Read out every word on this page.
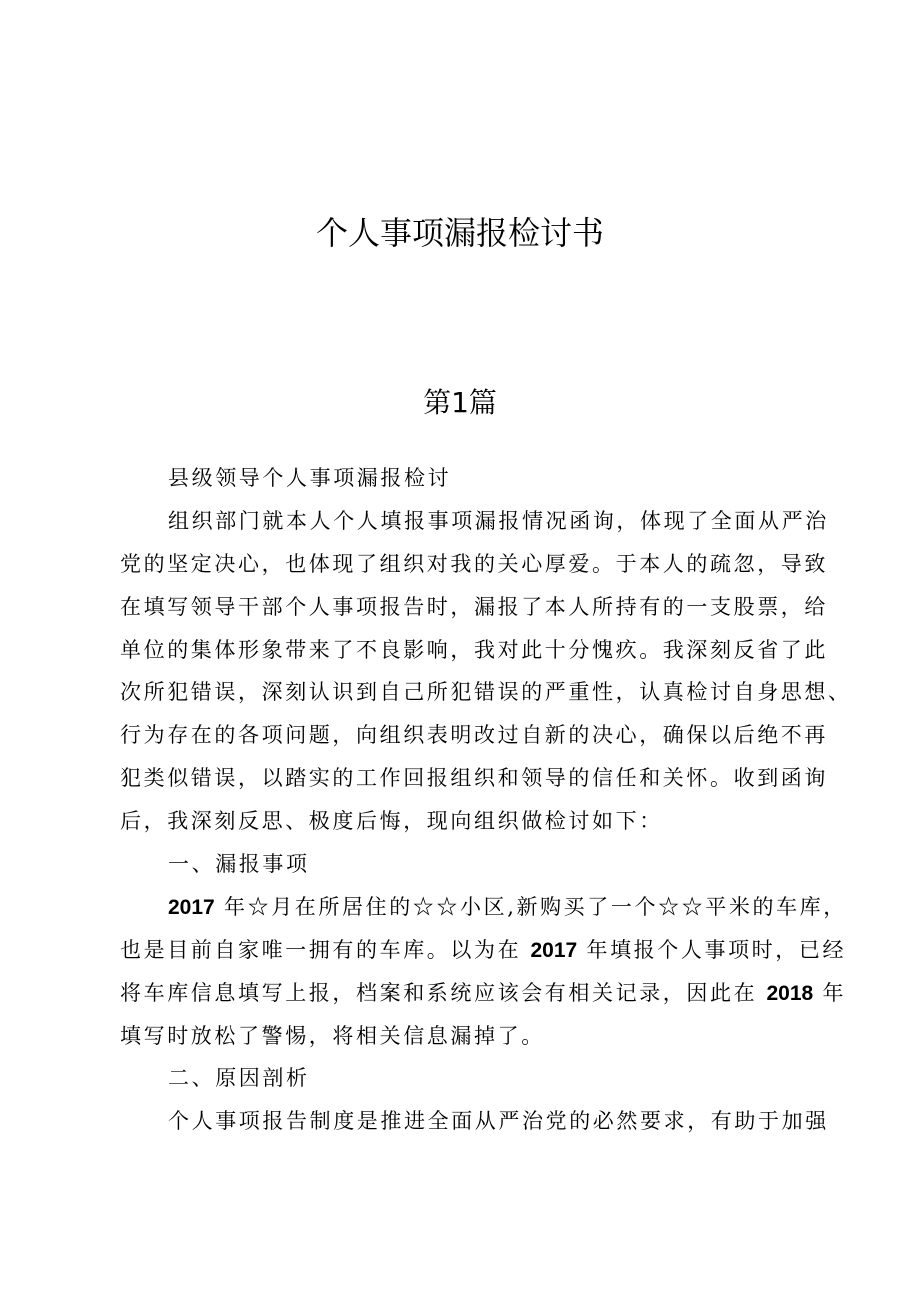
个人事项漏报检讨书
第1篇
县级领导个人事项漏报检讨
组织部门就本人个人填报事项漏报情况函询，体现了全面从严治
党的坚定决心，也体现了组织对我的关心厚爱。于本人的疏忽，导致
在填写领导干部个人事项报告时，漏报了本人所持有的一支股票，给
单位的集体形象带来了不良影响，我对此十分愧疚。我深刻反省了此
次所犯错误，深刻认识到自己所犯错误的严重性，认真检讨自身思想、
行为存在的各项问题，向组织表明改过自新的决心，确保以后绝不再
犯类似错误，以踏实的工作回报组织和领导的信任和关怀。收到函询
后，我深刻反思、极度后悔，现向组织做检讨如下：
一、漏报事项
2017 年☆月在所居住的☆☆小区,新购买了一个☆☆平米的车库，
也是目前自家唯一拥有的车库。以为在 2017 年填报个人事项时，已经
将车库信息填写上报，档案和系统应该会有相关记录，因此在 2018 年
填写时放松了警惕，将相关信息漏掉了。
二、原因剖析
个人事项报告制度是推进全面从严治党的必然要求，有助于加强
